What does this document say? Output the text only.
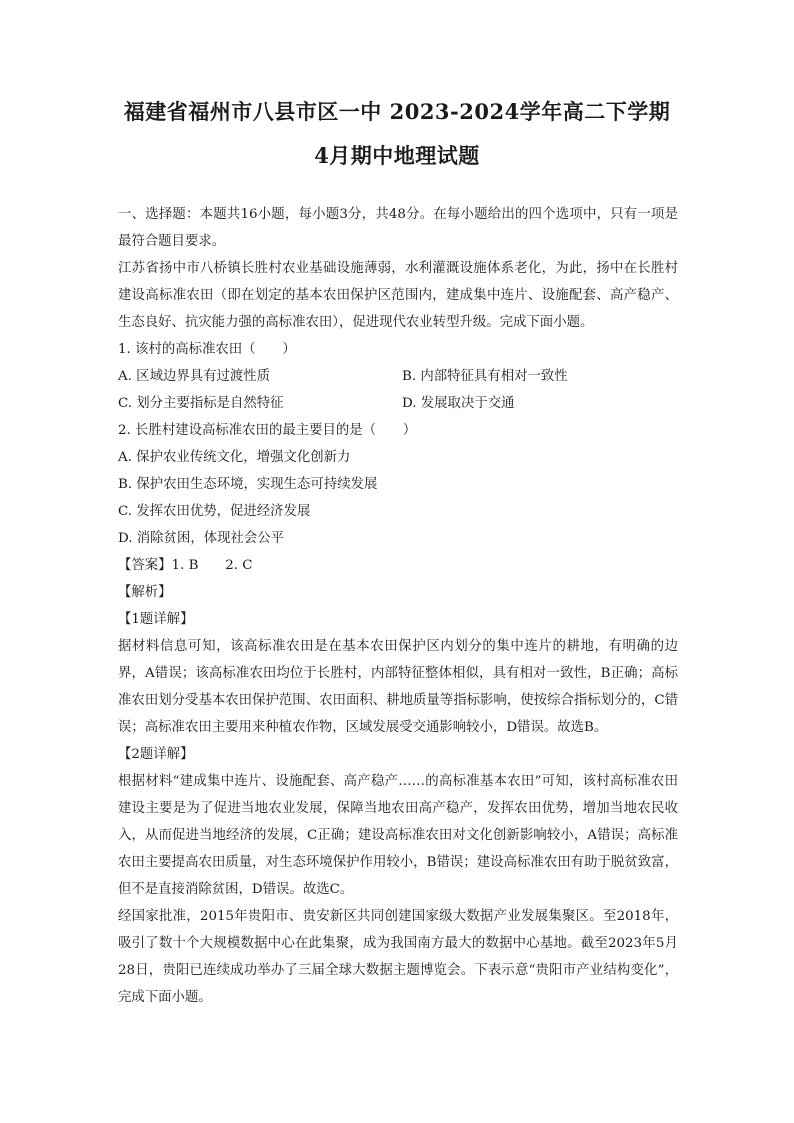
福建省福州市八县市区一中 2023-2024学年高二下学期
4月期中地理试题

一、选择题：本题共16小题，每小题3分，共48分。在每小题给出的四个选项中，只有一项是最符合题目要求。

江苏省扬中市八桥镇长胜村农业基础设施薄弱，水利灌溉设施体系老化，为此，扬中在长胜村建设高标准农田（即在划定的基本农田保护区范围内，建成集中连片、设施配套、高产稳产、生态良好、抗灾能力强的高标准农田），促进现代农业转型升级。完成下面小题。

1. 该村的高标准农田（　　）

A. 区域边界具有过渡性质	B. 内部特征具有相对一致性
C. 划分主要指标是自然特征	D. 发展取决于交通

2. 长胜村建设高标准农田的最主要目的是（　　）

A. 保护农业传统文化，增强文化创新力

B. 保护农田生态环境，实现生态可持续发展

C. 发挥农田优势，促进经济发展

D. 消除贫困，体现社会公平

【答案】1. B　　2. C

【解析】

【1题详解】

据材料信息可知，该高标准农田是在基本农田保护区内划分的集中连片的耕地，有明确的边界，A错误；该高标准农田均位于长胜村，内部特征整体相似，具有相对一致性，B正确；高标准农田划分受基本农田保护范围、农田面积、耕地质量等指标影响，使按综合指标划分的，C错误；高标准农田主要用来种植农作物，区域发展受交通影响较小，D错误。故选B。

【2题详解】

根据材料“建成集中连片、设施配套、高产稳产……的高标准基本农田”可知，该村高标准农田建设主要是为了促进当地农业发展，保障当地农田高产稳产，发挥农田优势，增加当地农民收入，从而促进当地经济的发展，C正确；建设高标准农田对文化创新影响较小，A错误；高标准农田主要提高农田质量，对生态环境保护作用较小，B错误；建设高标准农田有助于脱贫致富，但不是直接消除贫困，D错误。故选C。

经国家批准，2015年贵阳市、贵安新区共同创建国家级大数据产业发展集聚区。至2018年，吸引了数十个大规模数据中心在此集聚，成为我国南方最大的数据中心基地。截至2023年5月28日，贵阳已连续成功举办了三届全球大数据主题博览会。下表示意“贵阳市产业结构变化”，完成下面小题。
